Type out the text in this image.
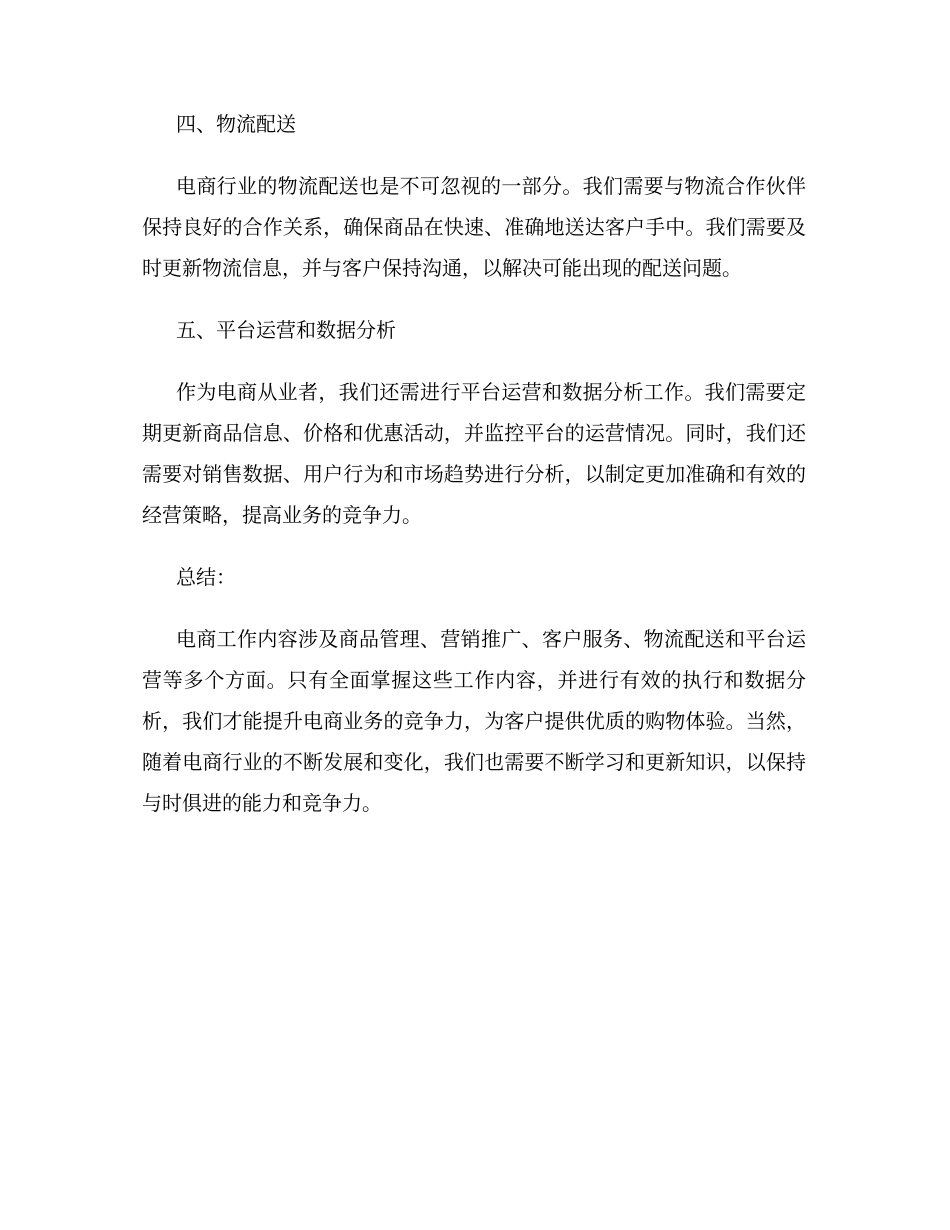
四、物流配送

电商行业的物流配送也是不可忽视的一部分。我们需要与物流合作伙伴保持良好的合作关系，确保商品在快速、准确地送达客户手中。我们需要及时更新物流信息，并与客户保持沟通，以解决可能出现的配送问题。

五、平台运营和数据分析

作为电商从业者，我们还需进行平台运营和数据分析工作。我们需要定期更新商品信息、价格和优惠活动，并监控平台的运营情况。同时，我们还需要对销售数据、用户行为和市场趋势进行分析，以制定更加准确和有效的经营策略，提高业务的竞争力。

总结：

电商工作内容涉及商品管理、营销推广、客户服务、物流配送和平台运营等多个方面。只有全面掌握这些工作内容，并进行有效的执行和数据分析，我们才能提升电商业务的竞争力，为客户提供优质的购物体验。当然，随着电商行业的不断发展和变化，我们也需要不断学习和更新知识，以保持与时俱进的能力和竞争力。
